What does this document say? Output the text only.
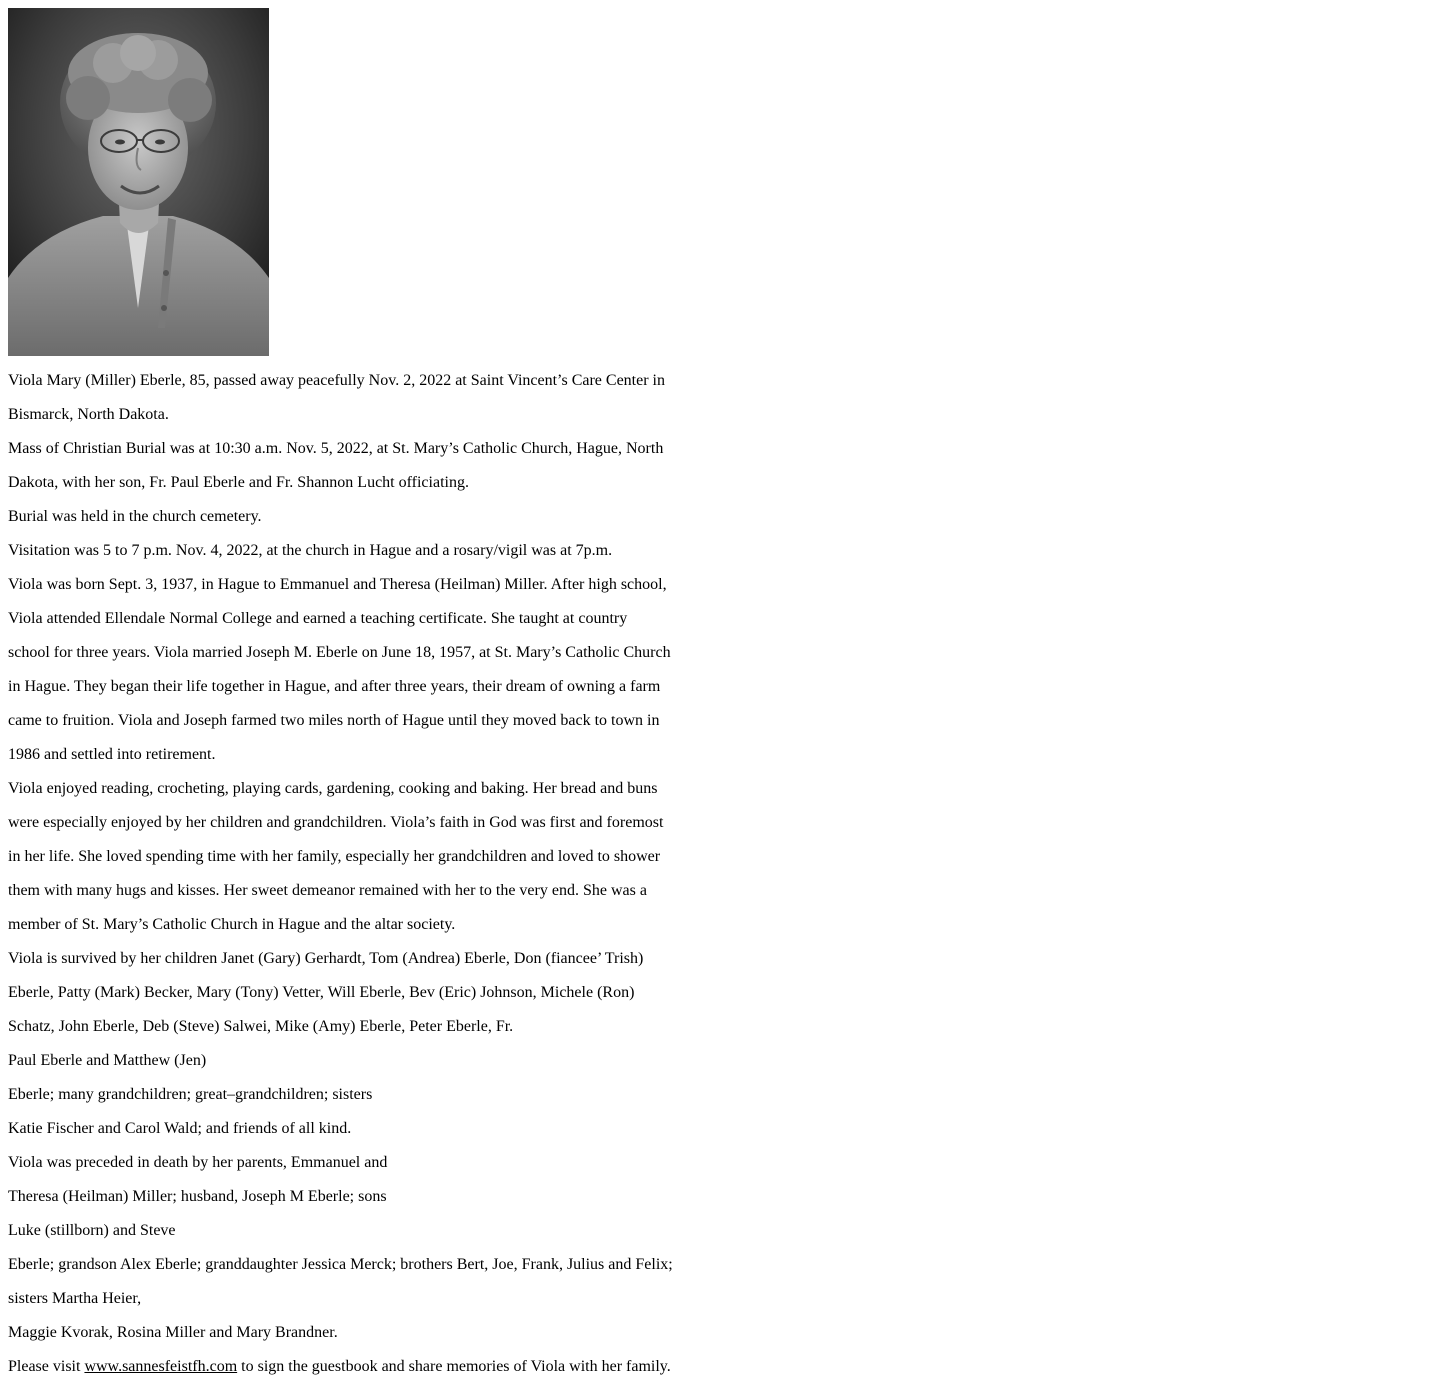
Viola Mary (Miller) Eberle, 85, passed away peacefully Nov. 2, 2022 at Saint Vincent’s Care Center in

Bismarck, North Dakota.

Mass of Christian Burial was at 10:30 a.m. Nov. 5, 2022, at St. Mary’s Catholic Church, Hague, North

Dakota, with her son, Fr. Paul Eberle and Fr. Shannon Lucht officiating.

Burial was held in the church cemetery.

Visitation was 5 to 7 p.m. Nov. 4, 2022, at the church in Hague and a rosary/vigil was at 7p.m.

Viola was born Sept. 3, 1937, in Hague to Emmanuel and Theresa (Heilman) Miller. After high school,

Viola attended Ellendale Normal College and earned a teaching certificate. She taught at country

school for three years. Viola married Joseph M. Eberle on June 18, 1957, at St. Mary’s Catholic Church

in Hague. They began their life together in Hague, and after three years, their dream of owning a farm

came to fruition. Viola and Joseph farmed two miles north of Hague until they moved back to town in

1986 and settled into retirement.

Viola enjoyed reading, crocheting, playing cards, gardening, cooking and baking. Her bread and buns

were especially enjoyed by her children and grandchildren. Viola’s faith in God was first and foremost

in her life. She loved spending time with her family, especially her grandchildren and loved to shower

them with many hugs and kisses. Her sweet demeanor remained with her to the very end. She was a

member of St. Mary’s Catholic Church in Hague and the altar society.

Viola is survived by her children Janet (Gary) Gerhardt, Tom (Andrea) Eberle, Don (fiancee’ Trish)

Eberle, Patty (Mark) Becker, Mary (Tony) Vetter, Will Eberle, Bev (Eric) Johnson, Michele (Ron)

Schatz, John Eberle, Deb (Steve) Salwei, Mike (Amy) Eberle, Peter Eberle, Fr.

Paul Eberle and Matthew (Jen)

Eberle; many grandchildren; great–grandchildren; sisters

Katie Fischer and Carol Wald; and friends of all kind.

Viola was preceded in death by her parents, Emmanuel and

Theresa (Heilman) Miller; husband, Joseph M Eberle; sons

Luke (stillborn) and Steve

Eberle; grandson Alex Eberle; granddaughter Jessica Merck; brothers Bert, Joe, Frank, Julius and Felix;

sisters Martha Heier,

Maggie Kvorak, Rosina Miller and Mary Brandner.

Please visit www.sannesfeistfh.com to sign the guestbook and share memories of Viola with her family.
